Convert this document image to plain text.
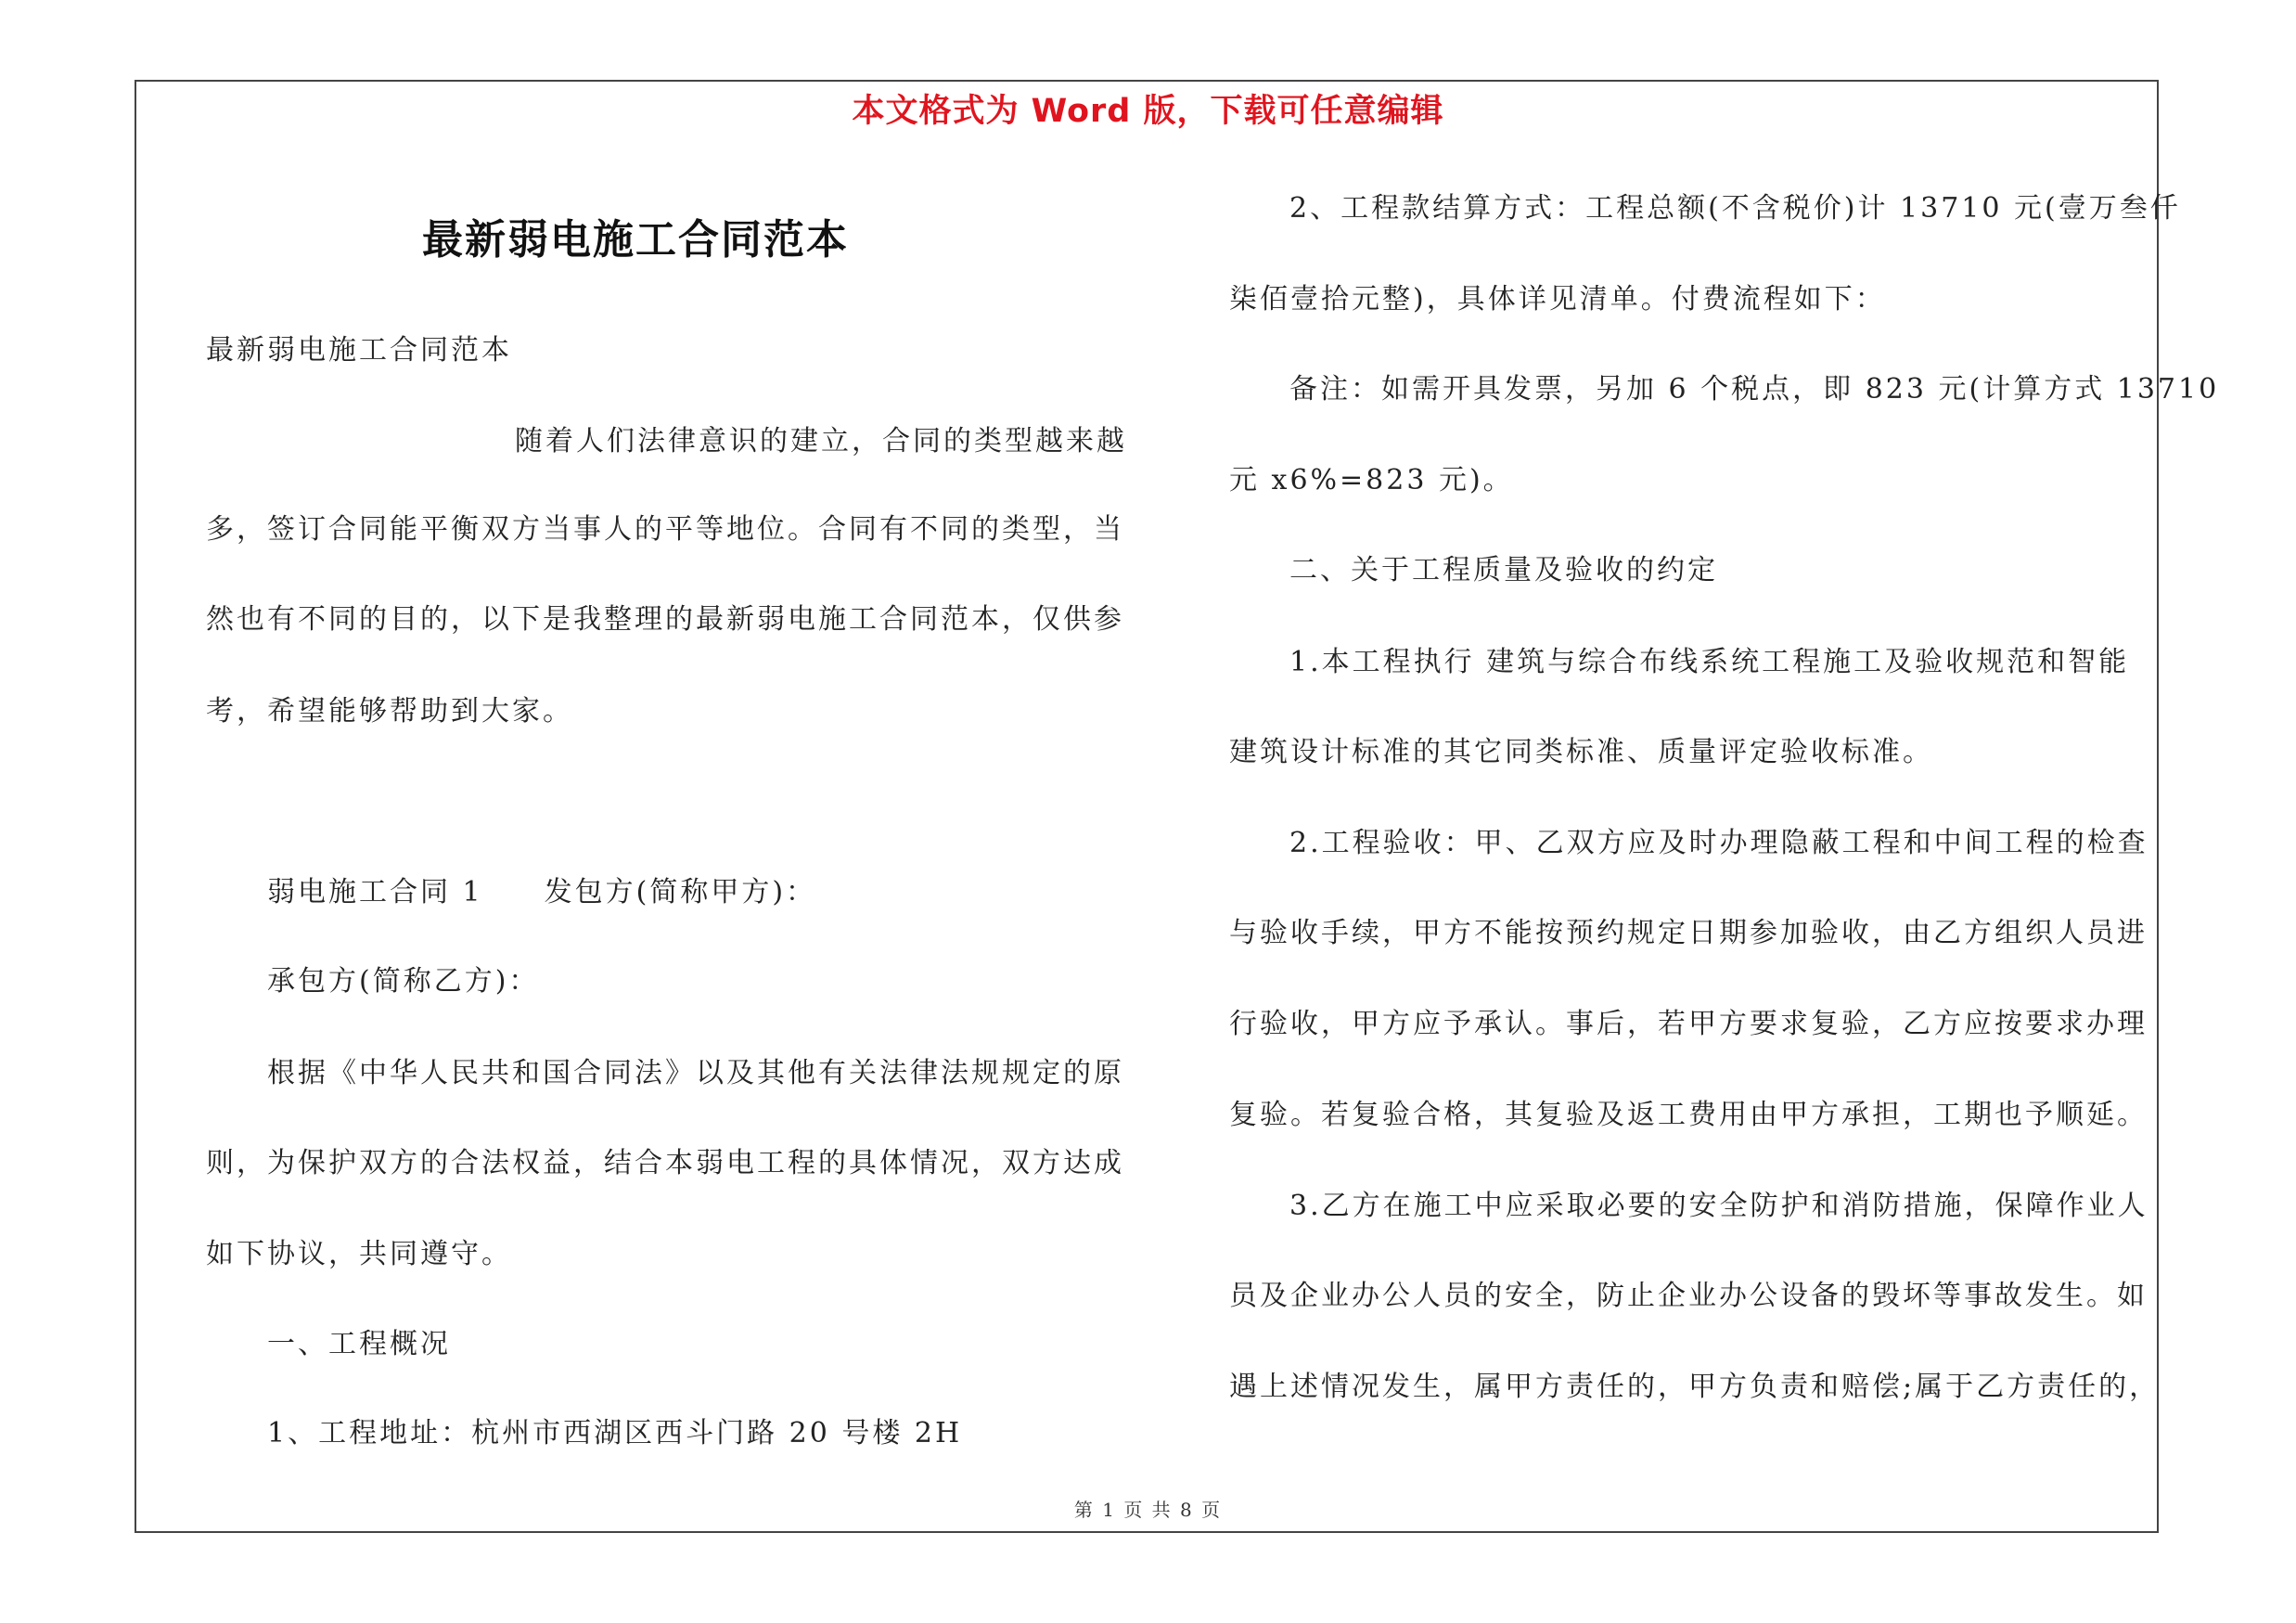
本文格式为 Word 版，下载可任意编辑
最新弱电施工合同范本
最新弱电施工合同范本
随着人们法律意识的建立，合同的类型越来越
多，签订合同能平衡双方当事人的平等地位。合同有不同的类型，当
然也有不同的目的，以下是我整理的最新弱电施工合同范本，仅供参
考，希望能够帮助到大家。
弱电施工合同 1　　发包方(简称甲方)：
承包方(简称乙方)：
根据《中华人民共和国合同法》以及其他有关法律法规规定的原
则，为保护双方的合法权益，结合本弱电工程的具体情况，双方达成
如下协议，共同遵守。
一、工程概况
1、工程地址：杭州市西湖区西斗门路 20 号楼 2H
2、工程款结算方式：工程总额(不含税价)计 13710 元(壹万叁仟
柒佰壹拾元整)，具体详见清单。付费流程如下：
备注：如需开具发票，另加 6 个税点，即 823 元(计算方式 13710
元 x6%=823 元)。
二、关于工程质量及验收的约定
1.本工程执行 建筑与综合布线系统工程施工及验收规范和智能
建筑设计标准的其它同类标准、质量评定验收标准。
2.工程验收：甲、乙双方应及时办理隐蔽工程和中间工程的检查
与验收手续，甲方不能按预约规定日期参加验收，由乙方组织人员进
行验收，甲方应予承认。事后，若甲方要求复验，乙方应按要求办理
复验。若复验合格，其复验及返工费用由甲方承担，工期也予顺延。
3.乙方在施工中应采取必要的安全防护和消防措施，保障作业人
员及企业办公人员的安全，防止企业办公设备的毁坏等事故发生。如
遇上述情况发生，属甲方责任的，甲方负责和赔偿;属于乙方责任的，
第 1 页 共 8 页
